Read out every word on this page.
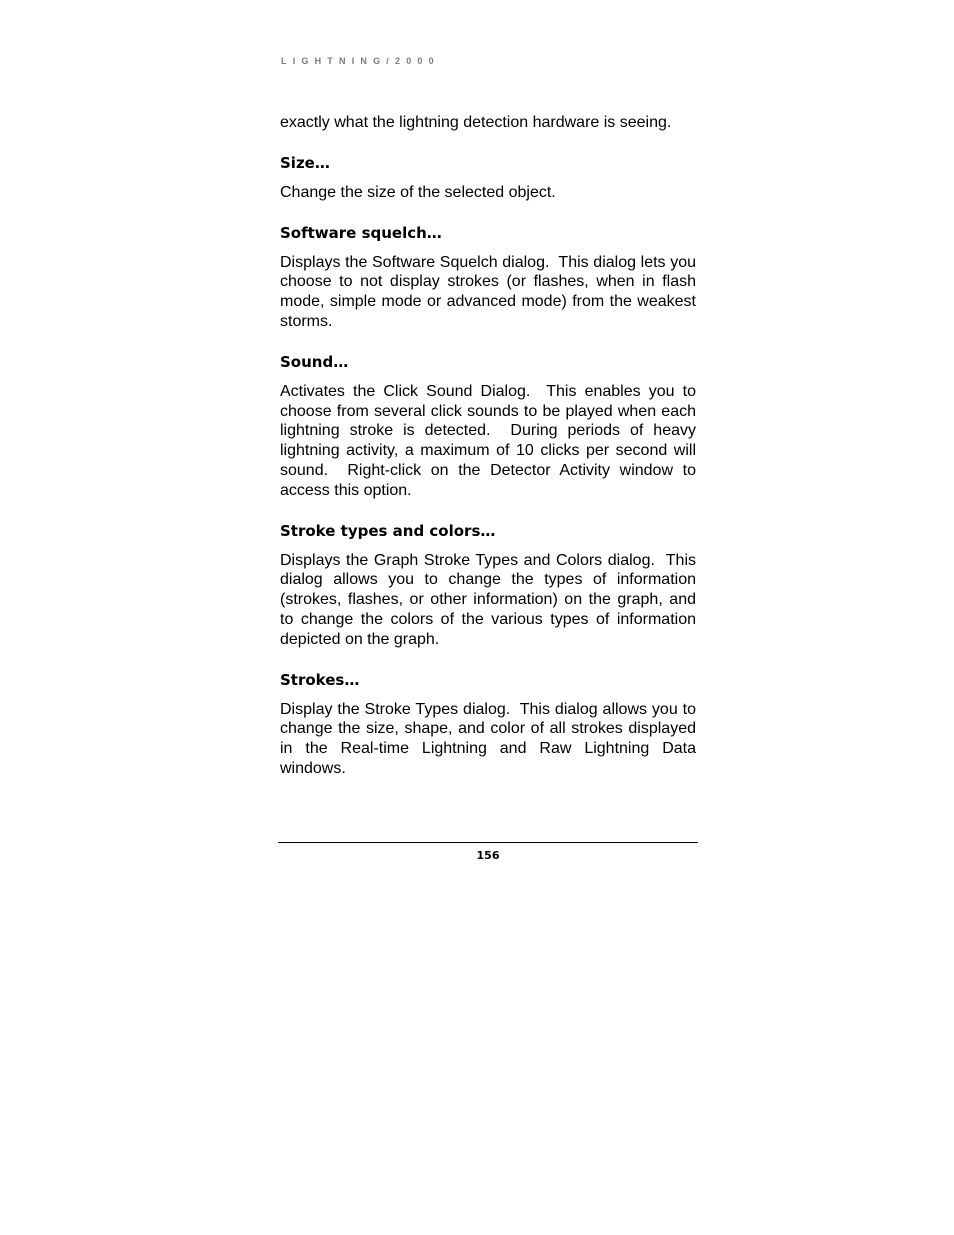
LIGHTNING/2000

exactly what the lightning detection hardware is seeing.

Size…

Change the size of the selected object.

Software squelch…

Displays the Software Squelch dialog.  This dialog lets you choose to not display strokes (or flashes, when in flash mode, simple mode or advanced mode) from the weakest storms.

Sound…

Activates the Click Sound Dialog.  This enables you to choose from several click sounds to be played when each lightning stroke is detected.  During periods of heavy lightning activity, a maximum of 10 clicks per second will sound.  Right-click on the Detector Activity window to access this option.

Stroke types and colors…

Displays the Graph Stroke Types and Colors dialog.  This dialog allows you to change the types of information (strokes, flashes, or other information) on the graph, and to change the colors of the various types of information depicted on the graph.

Strokes…

Display the Stroke Types dialog.  This dialog allows you to change the size, shape, and color of all strokes displayed in the Real-time Lightning and Raw Lightning Data windows.

156
